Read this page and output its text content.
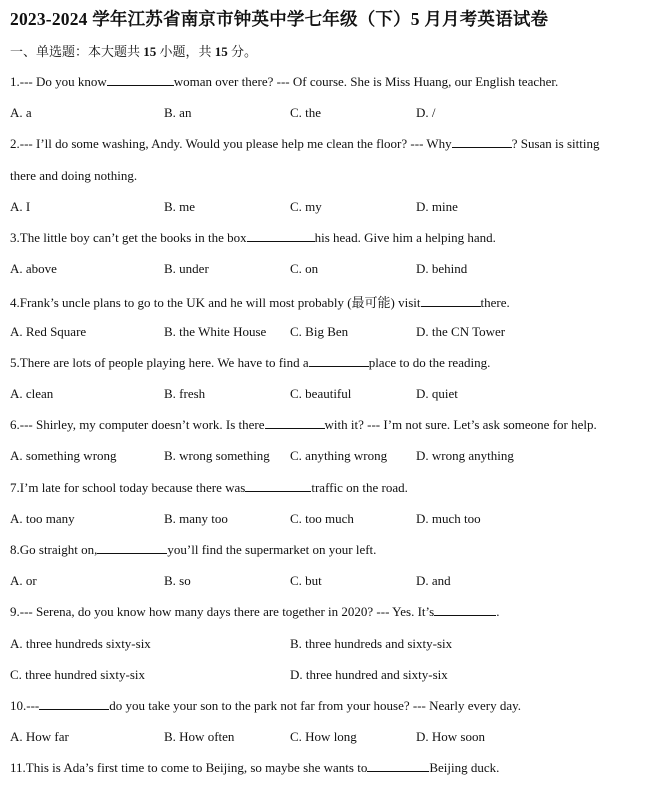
2023-2024 学年江苏省南京市钟英中学七年级（下）5 月月考英语试卷
一、单选题：本大题共 15 小题，共 15 分。
1.--- Do you know	woman over there? --- Of course. She is Miss Huang, our English teacher.
A. a	B. an	C. the	D. /
2.--- I’ll do some washing, Andy. Would you please help me clean the floor? --- Why	? Susan is sitting
there and doing nothing.
A. I	B. me	C. my	D. mine
3.The little boy can’t get the books in the box	his head. Give him a helping hand.
A. above	B. under	C. on	D. behind
4.Frank’s uncle plans to go to the UK and he will most probably (最可能) visit	there.
A. Red Square	B. the White House C. Big Ben	D. the CN Tower
5.There are lots of people playing here. We have to find a	place to do the reading.
A. clean	B. fresh	C. beautiful	D. quiet
6.--- Shirley, my computer doesn’t work. Is there	with it? --- I’m not sure. Let’s ask someone for help.
A. something wrong	B. wrong something C. anything wrong D. wrong anything
7.I’m late for school today because there was	traffic on the road.
A. too many	B. many too	C. too much	D. much too
8.Go straight on,	you’ll find the supermarket on your left.
A. or	B. so	C. but	D. and
9.--- Serena, do you know how many days there are together in 2020? --- Yes. It’s	.
A. three hundreds sixty-six	B. three hundreds and sixty-six
C. three hundred sixty-six	D. three hundred and sixty-six
10.---	do you take your son to the park not far from your house? --- Nearly every day.
A. How far	B. How often	C. How long	D. How soon
11.This is Ada’s first time to come to Beijing, so maybe she wants to	Beijing duck.
